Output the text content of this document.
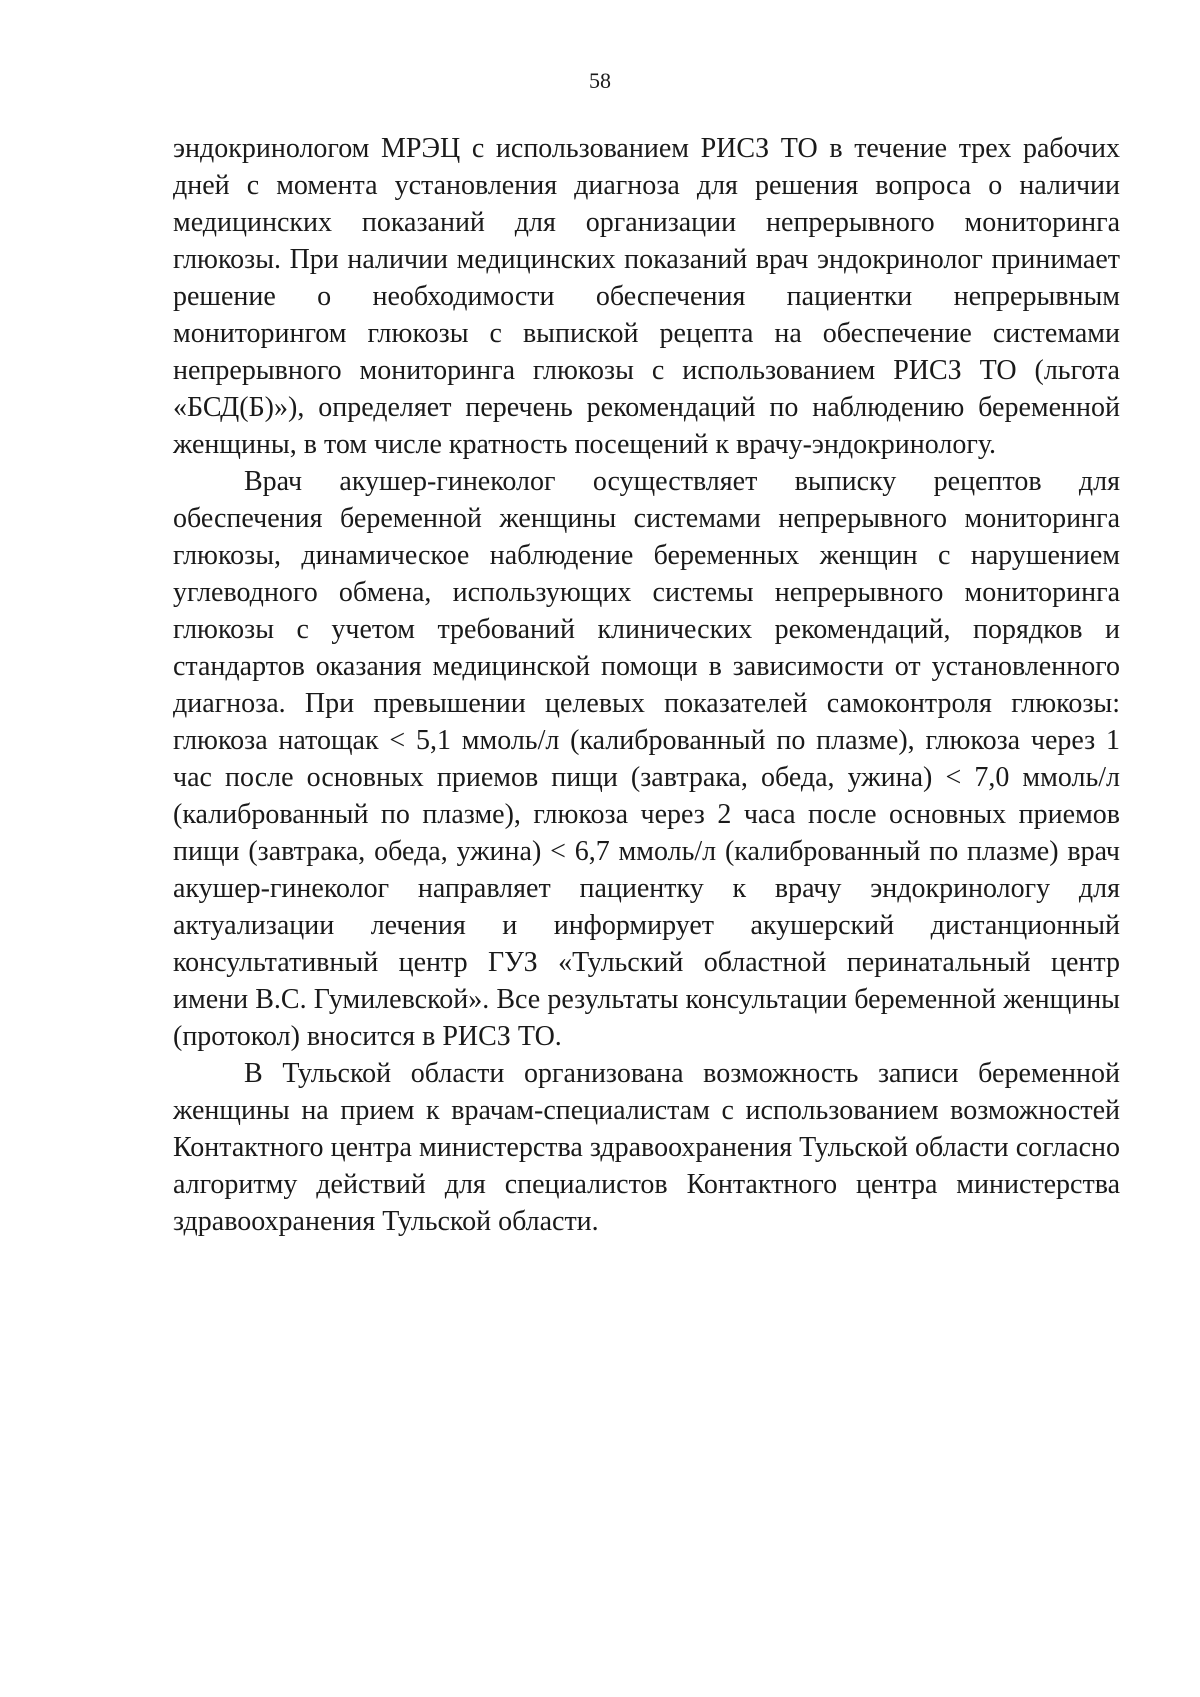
58

эндокринологом МРЭЦ с использованием РИСЗ ТО в течение трех рабочих дней с момента установления диагноза для решения вопроса о наличии медицинских показаний для организации непрерывного мониторинга глюкозы. При наличии медицинских показаний врач эндокринолог принимает решение о необходимости обеспечения пациентки непрерывным мониторингом глюкозы с выпиской рецепта на обеспечение системами непрерывного мониторинга глюкозы с использованием РИСЗ ТО (льгота «БСД(Б)»), определяет перечень рекомендаций по наблюдению беременной женщины, в том числе кратность посещений к врачу-эндокринологу.

Врач акушер-гинеколог осуществляет выписку рецептов для обеспечения беременной женщины системами непрерывного мониторинга глюкозы, динамическое наблюдение беременных женщин с нарушением углеводного обмена, использующих системы непрерывного мониторинга глюкозы с учетом требований клинических рекомендаций, порядков и стандартов оказания медицинской помощи в зависимости от установленного диагноза. При превышении целевых показателей самоконтроля глюкозы: глюкоза натощак < 5,1 ммоль/л (калиброванный по плазме), глюкоза через 1 час после основных приемов пищи (завтрака, обеда, ужина) < 7,0 ммоль/л (калиброванный по плазме), глюкоза через 2 часа после основных приемов пищи (завтрака, обеда, ужина) < 6,7 ммоль/л (калиброванный по плазме) врач акушер-гинеколог направляет пациентку к врачу эндокринологу для актуализации лечения и информирует акушерский дистанционный консультативный центр ГУЗ «Тульский областной перинатальный центр имени В.С. Гумилевской». Все результаты консультации беременной женщины (протокол) вносится в РИСЗ ТО.

В Тульской области организована возможность записи беременной женщины на прием к врачам-специалистам с использованием возможностей Контактного центра министерства здравоохранения Тульской области согласно алгоритму действий для специалистов Контактного центра министерства здравоохранения Тульской области.
